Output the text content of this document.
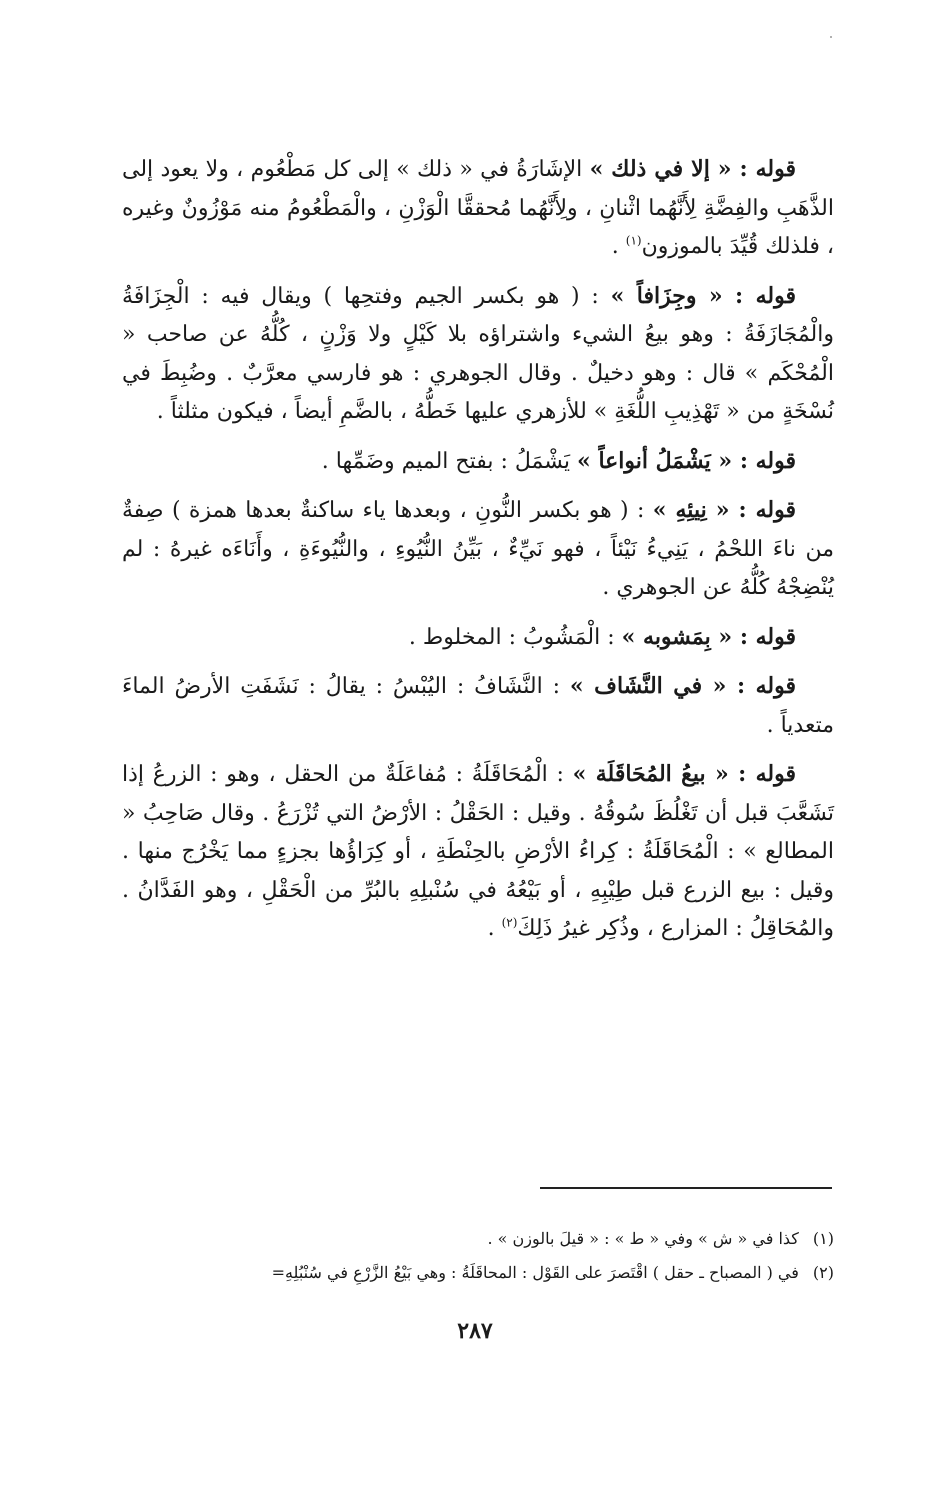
قوله : « إلا في ذلك » الإشَارَةُ في « ذلك » إلى كل مَطْعُوم ، ولا يعود إلى الذَّهَبِ والفِضَّةِ لِأَنَّهُما اثْنانِ ، ولِأَنَّهُما مُحققَّا الْوَزْنِ ، والْمَطْعُومُ منه مَوْزُونٌ وغيره ، فلذلك قُيِّدَ بالموزون$^{(١)}$ .

قوله : « وجِزَافاً » : ( هو بكسر الجيم وفتحِها ) ويقال فيه : الْجِزَافَةُ والْمُجَازَفَةُ : وهو بيعُ الشيء واشتراؤه بلا كَيْلٍ ولا وَزْنٍ ، كُلُّهُ عن صاحب « الْمُحْكَم » قال : وهو دخيلٌ . وقال الجوهري : هو فارسي معرَّبٌ . وضُبِطَ في نُسْخَةٍ من « تَهْذِيبِ اللُّغَةِ » للأزهري عليها خَطُّهُ ، بالضَّمِ أيضاً ، فيكون مثلثاً .

قوله : « يَشْمَلُ أنواعاً » يَشْمَلُ : بفتح الميم وضَمِّها .

قوله : « نِيئِهِ » : ( هو بكسر النُّونِ ، وبعدها ياء ساكنةٌ بعدها همزة ) صِفةٌ من ناءَ اللحْمُ ، يَنِيءُ نَيْئاً ، فهو نَيِّءٌ ، بَيِّنُ النُّيُوءِ ، والنُّيُوءَةِ ، وأَنَاءَه غيرهُ : لم يُنْضِجْهُ كُلُّهُ عن الجوهري .

قوله : « بِمَشوبه » : الْمَشُوبُ : المخلوط .

قوله : « في النَّشَاف » : النَّشَافُ : اليُبْسُ : يقالُ : نَشَفَتِ الأرضُ الماءَ متعدياً .

قوله : « بيعُ المُحَاقَلَة » : الْمُحَاقَلَةُ : مُفاعَلَةٌ من الحقل ، وهو : الزرعُ إذا تَشَعَّبَ قبل أن تَغْلُظَ سُوقُهُ . وقيل : الحَقْلُ : الأرْضُ التي تُزْرَعُ . وقال صَاحِبُ « المطالع » : الْمُحَاقَلَةُ : كِراءُ الأرْضِ بالحِنْطَةِ ، أو كِرَاؤُها بجزءٍ مما يَخْرُج منها . وقيل : بيع الزرع قبل طِيْبِهِ ، أو بَيْعُهُ في سُنْبلِهِ بالبُرِّ من الْحَقْلِ ، وهو الفَدَّانُ . والمُحَاقِلُ : المزارع ، وذُكِر غيرُ ذَلِكَ$^{(٢)}$ .

(١)كذا في « ش » وفي « ط » : « قيلَ بالوزن » .
(٢)في ( المصباح ـ حقل ) اقْتَصرَ على القَوْل : المحاقَلَةُ : وهي بَيْعُ الزَّرْعِ في سُنْبُلِهِ=
٢٨٧
